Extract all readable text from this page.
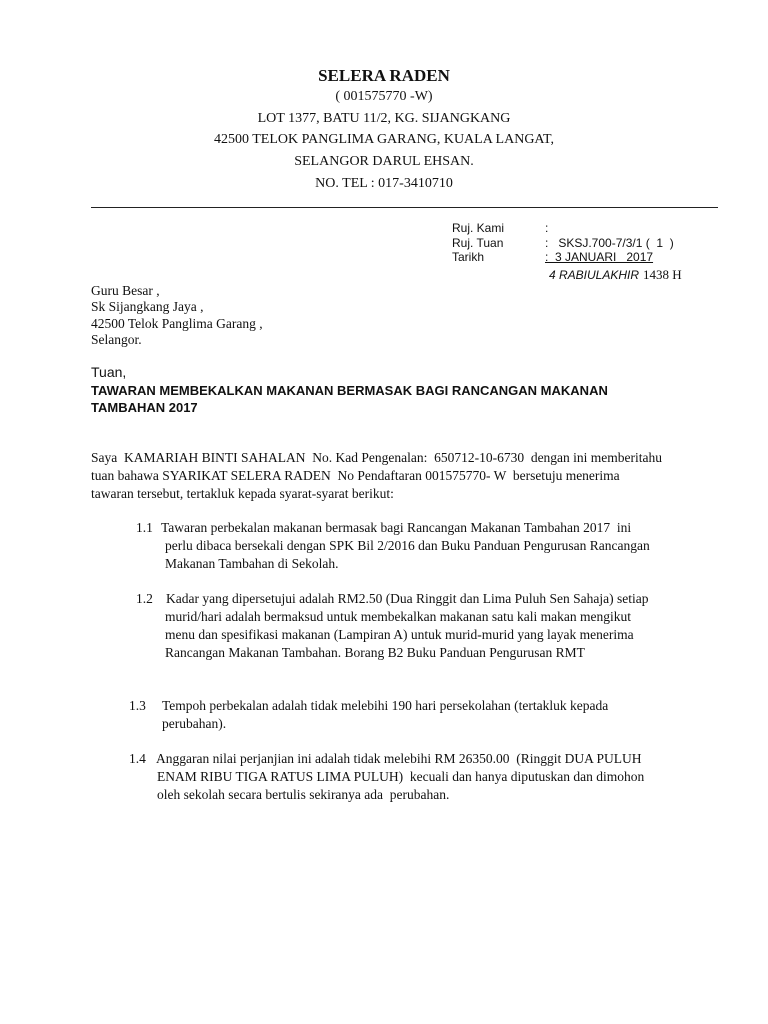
SELERA RADEN
( 001575770 -W)
LOT 1377, BATU 11/2, KG. SIJANGKANG
42500 TELOK PANGLIMA GARANG, KUALA LANGAT,
SELANGOR DARUL EHSAN.
NO. TEL : 017-3410710
Ruj. Kami	:
Ruj. Tuan	:   SKSJ.700-7/3/1 (  1  )
Tarikh	:  3 JANUARI   2017
4 RABIULAKHIR 1438 H
Guru Besar ,
Sk Sijangkang Jaya ,
42500 Telok Panglima Garang ,
Selangor.
Tuan,
TAWARAN MEMBEKALKAN MAKANAN BERMASAK BAGI RANCANGAN MAKANAN
TAMBAHAN 2017
Saya  KAMARIAH BINTI SAHALAN  No. Kad Pengenalan:  650712-10-6730  dengan ini memberitahu
tuan bahawa SYARIKAT SELERA RADEN  No Pendaftaran 001575770- W  bersetuju menerima
tawaran tersebut, tertakluk kepada syarat-syarat berikut:
1.1 Tawaran perbekalan makanan bermasak bagi Rancangan Makanan Tambahan 2017  ini
perlu dibaca bersekali dengan SPK Bil 2/2016 dan Buku Panduan Pengurusan Rancangan
Makanan Tambahan di Sekolah.
1.2 Kadar yang dipersetujui adalah RM2.50 (Dua Ringgit dan Lima Puluh Sen Sahaja) setiap
murid/hari adalah bermaksud untuk membekalkan makanan satu kali makan mengikut
menu dan spesifikasi makanan (Lampiran A) untuk murid-murid yang layak menerima
Rancangan Makanan Tambahan. Borang B2 Buku Panduan Pengurusan RMT
1.3 Tempoh perbekalan adalah tidak melebihi 190 hari persekolahan (tertakluk kepada
perubahan).
1.4 Anggaran nilai perjanjian ini adalah tidak melebihi RM 26350.00  (Ringgit DUA PULUH
ENAM RIBU TIGA RATUS LIMA PULUH)  kecuali dan hanya diputuskan dan dimohon
oleh sekolah secara bertulis sekiranya ada  perubahan.
